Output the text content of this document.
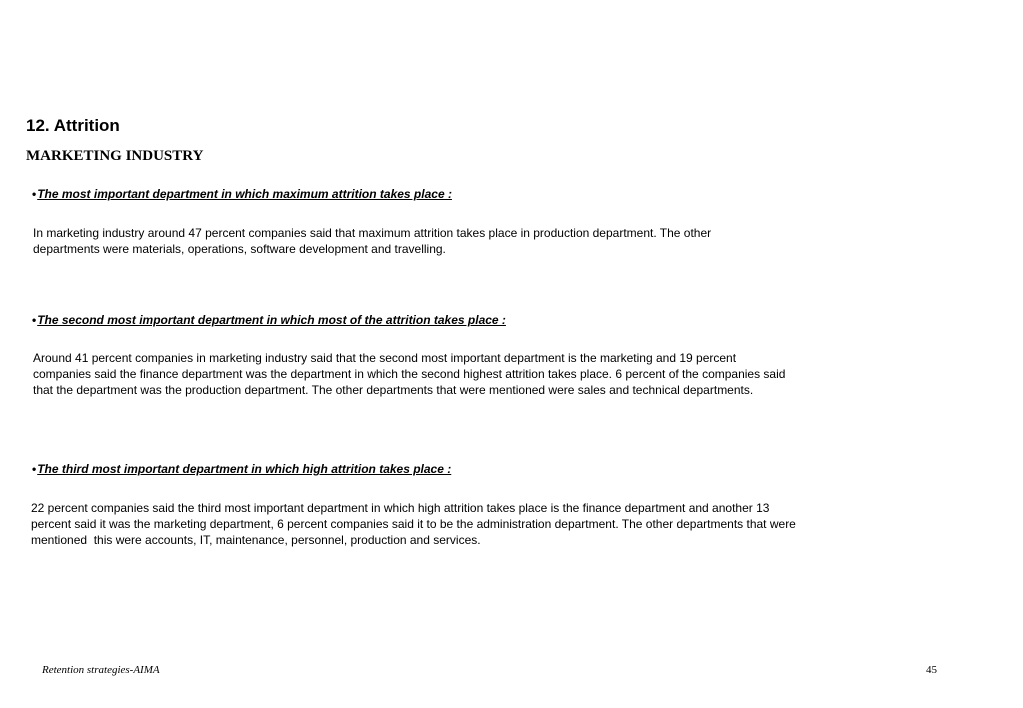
12. Attrition
MARKETING INDUSTRY
•The most important department in which maximum attrition takes place :
In marketing industry around 47 percent companies said that maximum attrition takes place in production department. The other
departments were materials, operations, software development and travelling.
•The second most important department in which most of the attrition takes place :
Around 41 percent companies in marketing industry said that the second most important department is the marketing and 19 percent
companies said the finance department was the department in which the second highest attrition takes place. 6 percent of the companies said
that the department was the production department. The other departments that were mentioned were sales and technical departments.
•The third most important department in which high attrition takes place :
22 percent companies said the third most important department in which high attrition takes place is the finance department and another 13
percent said it was the marketing department, 6 percent companies said it to be the administration department. The other departments that were
mentioned  this were accounts, IT, maintenance, personnel, production and services.
Retention strategies-AIMA	45
